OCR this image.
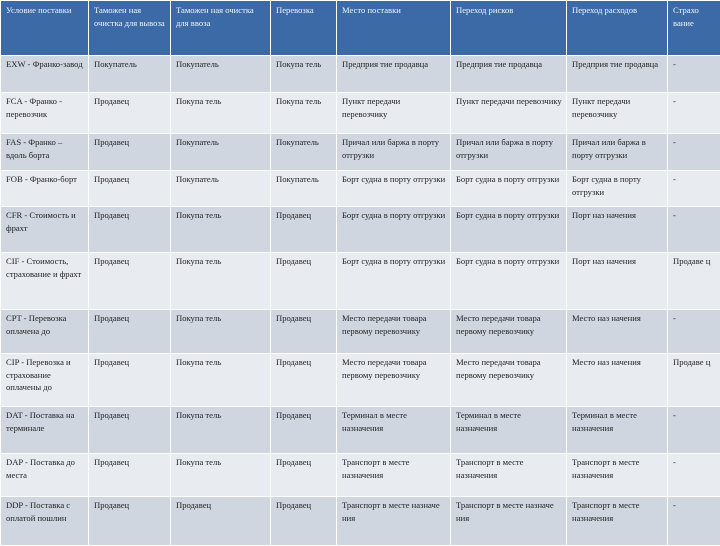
Условие поставки	Таможен ная очистка для вывоза	Таможен ная очистка для ввоза	Перевозка	Место поставки	Переход рисков	Переход расходов	Страхо вание
EXW - Франко-завод	Покупатель	Покупатель	Покупа тель	Предприя тие продавца	Предприя тие продавца	Предприя тие продавца	-
FCA - Франко - перевозчик	Продавец	Покупа тель	Покупа тель	Пункт передачи перевозчику	Пункт передачи перевозчику	Пункт передачи перевозчику	-
FAS - Франко – вдоль борта	Продавец	Покупатель	Покупатель	Причал или баржа в порту отгрузки	Причал или баржа в порту отгрузки	Причал или баржа в порту отгрузки	-
FOB - Франко-борт	Продавец	Покупатель	Покупатель	Борт судна в порту отгрузки	Борт судна в порту отгрузки	Борт судна в порту отгрузки	-
CFR - Стоимость и фрахт	Продавец	Покупа тель	Продавец	Борт судна в порту отгрузки	Борт судна в порту отгрузки	Порт наз начения	-
CIF - Стоимость, страхование и фрахт	Продавец	Покупа тель	Продавец	Борт судна в порту отгрузки	Борт судна в порту отгрузки	Порт наз начения	Продаве ц
CPT - Перевозка оплачена до	Продавец	Покупа тель	Продавец	Место передачи товара первому перевозчику	Место передачи товара первому перевозчику	Место наз начения	-
CIP - Перевозка и страхование оплачены до	Продавец	Покупа тель	Продавец	Место передачи товара первому перевозчику	Место передачи товара первому перевозчику	Место наз начения	Продаве ц
DAT - Поставка на терминале	Продавец	Покупа тель	Продавец	Терминал в месте назначения	Терминал в месте назначения	Терминал в месте назначения	-
DAP - Поставка до места	Продавец	Покупа тель	Продавец	Транспорт в месте назначения	Транспорт в месте назначения	Транспорт в месте назначения	-
DDP - Поставка с оплатой пошлин	Продавец	Продавец	Продавец	Транспорт в месте назначе ния	Транспорт в месте назначе ния	Транспорт в месте назначения	-
